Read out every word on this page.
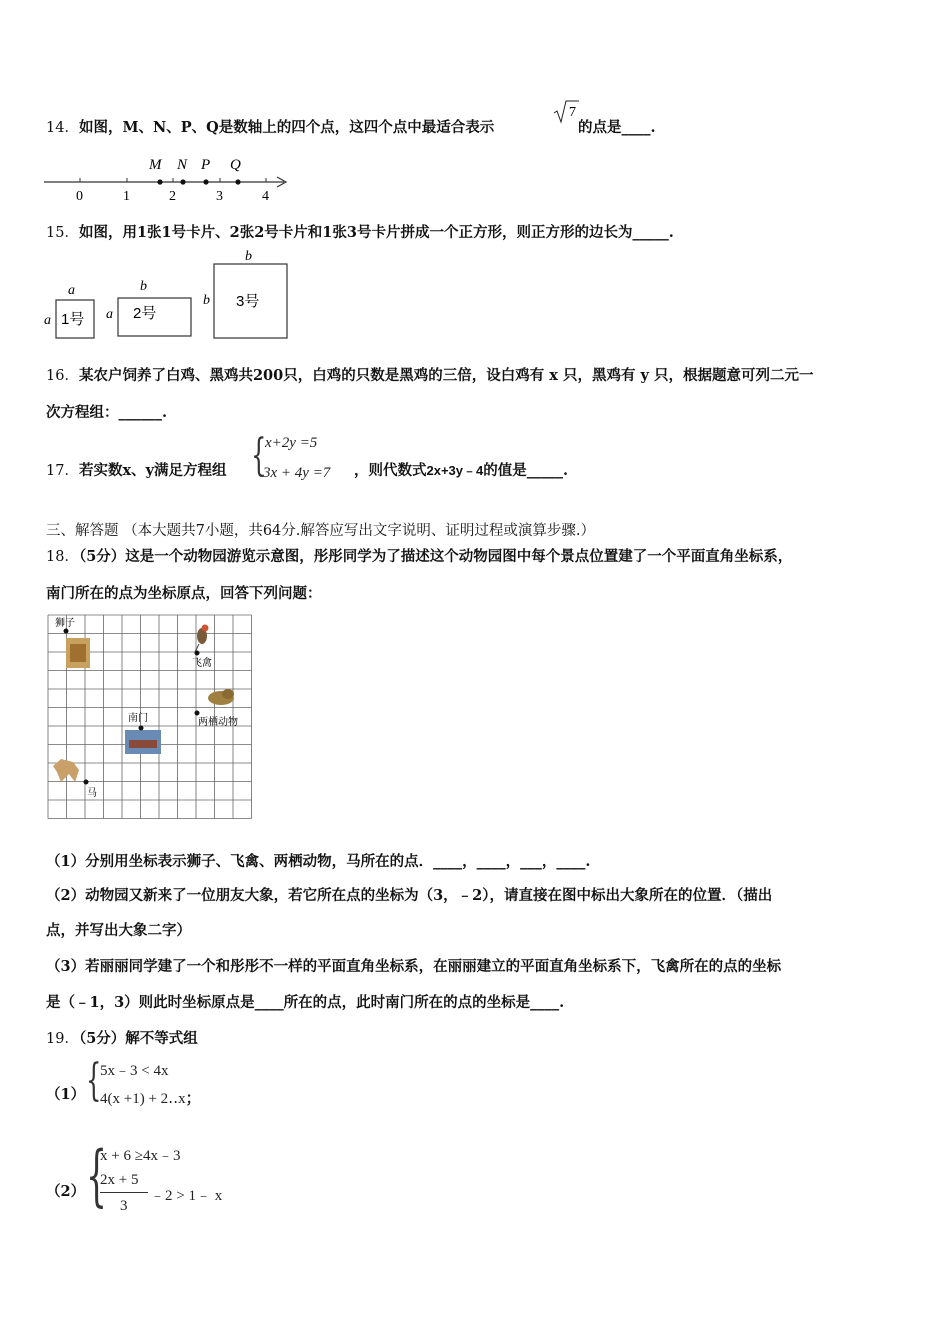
14．如图，M、N、P、Q是数轴上的四个点，这四个点中最适合表示
7
的点是____.
0	1	2	3	4
M N P Q
15．如图，用1张1号卡片、2张2号卡片和1张3号卡片拼成一个正方形，则正方形的边长为_____.
a
a 1号
b
a 2号
b
b 3号
16．某农户饲养了白鸡、黑鸡共200只，白鸡的只数是黑鸡的三倍，设白鸡有 x 只，黑鸡有 y 只，根据题意可列二元一
次方程组：______.
17．若实数x、y满足方程组 {
x+2y =5
3x + 4y =7 ，则代数式2x+3y﹣4的值是_____.
三、解答题 （本大题共7小题，共64分.解答应写出文字说明、证明过程或演算步骤.）
18．（5分）这是一个动物园游览示意图，彤彤同学为了描述这个动物园图中每个景点位置建了一个平面直角坐标系，
南门所在的点为坐标原点，回答下列问题：
狮子
飞禽
两栖动物
南门
马
（1）分别用坐标表示狮子、飞禽、两栖动物，马所在的点．____，____，___，____.
（2）动物园又新来了一位朋友大象，若它所在点的坐标为（3，﹣2），请直接在图中标出大象所在的位置．（描出
点，并写出大象二字）
（3）若丽丽同学建了一个和彤彤不一样的平面直角坐标系，在丽丽建立的平面直角坐标系下，飞禽所在的点的坐标
是（﹣1，3）则此时坐标原点是____所在的点，此时南门所在的点的坐标是____.
19．（5分）解不等式组
（1） {
5x﹣3 < 4x
4(x +1) + 2‥x；
（2） {
x + 6 ≥4x﹣3
2x + 5
3
﹣2 > 1﹣ x
